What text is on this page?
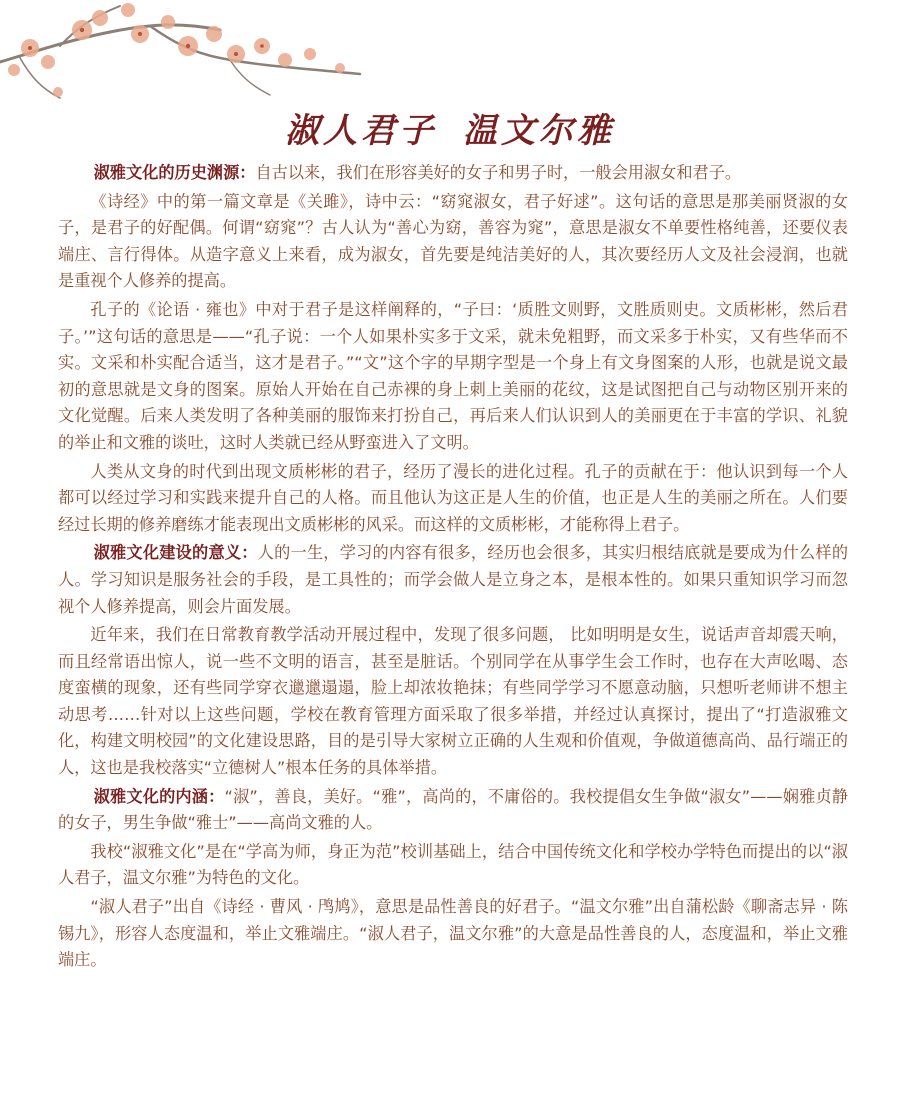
淑人君子 温文尔雅

淑雅文化的历史渊源：自古以来，我们在形容美好的女子和男子时，一般会用淑女和君子。

《诗经》中的第一篇文章是《关雎》，诗中云：“窈窕淑女，君子好逑”。这句话的意思是那美丽贤淑的女子，是君子的好配偶。何谓“窈窕”？古人认为“善心为窈，善容为窕”，意思是淑女不单要性格纯善，还要仪表端庄、言行得体。从造字意义上来看，成为淑女，首先要是纯洁美好的人，其次要经历人文及社会浸润，也就是重视个人修养的提高。

孔子的《论语 · 雍也》中对于君子是这样阐释的，“子曰：‘质胜文则野，文胜质则史。文质彬彬，然后君子。’”这句话的意思是——“孔子说：一个人如果朴实多于文采，就未免粗野，而文采多于朴实，又有些华而不实。文采和朴实配合适当，这才是君子。”“文”这个字的早期字型是一个身上有文身图案的人形，也就是说文最初的意思就是文身的图案。原始人开始在自己赤裸的身上刺上美丽的花纹，这是试图把自己与动物区别开来的文化觉醒。后来人类发明了各种美丽的服饰来打扮自己，再后来人们认识到人的美丽更在于丰富的学识、礼貌的举止和文雅的谈吐，这时人类就已经从野蛮进入了文明。

人类从文身的时代到出现文质彬彬的君子，经历了漫长的进化过程。孔子的贡献在于：他认识到每一个人都可以经过学习和实践来提升自己的人格。而且他认为这正是人生的价值，也正是人生的美丽之所在。人们要经过长期的修养磨练才能表现出文质彬彬的风采。而这样的文质彬彬，才能称得上君子。

淑雅文化建设的意义：人的一生，学习的内容有很多，经历也会很多，其实归根结底就是要成为什么样的人。学习知识是服务社会的手段，是工具性的；而学会做人是立身之本，是根本性的。如果只重知识学习而忽视个人修养提高，则会片面发展。

近年来，我们在日常教育教学活动开展过程中，发现了很多问题， 比如明明是女生，说话声音却震天响，而且经常语出惊人，说一些不文明的语言，甚至是脏话。个别同学在从事学生会工作时，也存在大声吆喝、态度蛮横的现象，还有些同学穿衣邋邋遢遢，脸上却浓妆艳抹；有些同学学习不愿意动脑，只想听老师讲不想主动思考……针对以上这些问题，学校在教育管理方面采取了很多举措，并经过认真探讨，提出了“打造淑雅文化，构建文明校园”的文化建设思路，目的是引导大家树立正确的人生观和价值观，争做道德高尚、品行端正的人，这也是我校落实“立德树人”根本任务的具体举措。

淑雅文化的内涵：“淑”，善良，美好。“雅”，高尚的，不庸俗的。我校提倡女生争做“淑女”——娴雅贞静的女子，男生争做“雅士”——高尚文雅的人。

我校“淑雅文化”是在“学高为师，身正为范”校训基础上，结合中国传统文化和学校办学特色而提出的以“淑人君子，温文尔雅”为特色的文化。

“淑人君子”出自《诗经 · 曹风 · 鸤鸠》，意思是品性善良的好君子。“温文尔雅”出自蒲松龄《聊斋志异 · 陈锡九》，形容人态度温和，举止文雅端庄。“淑人君子，温文尔雅”的大意是品性善良的人，态度温和，举止文雅端庄。
